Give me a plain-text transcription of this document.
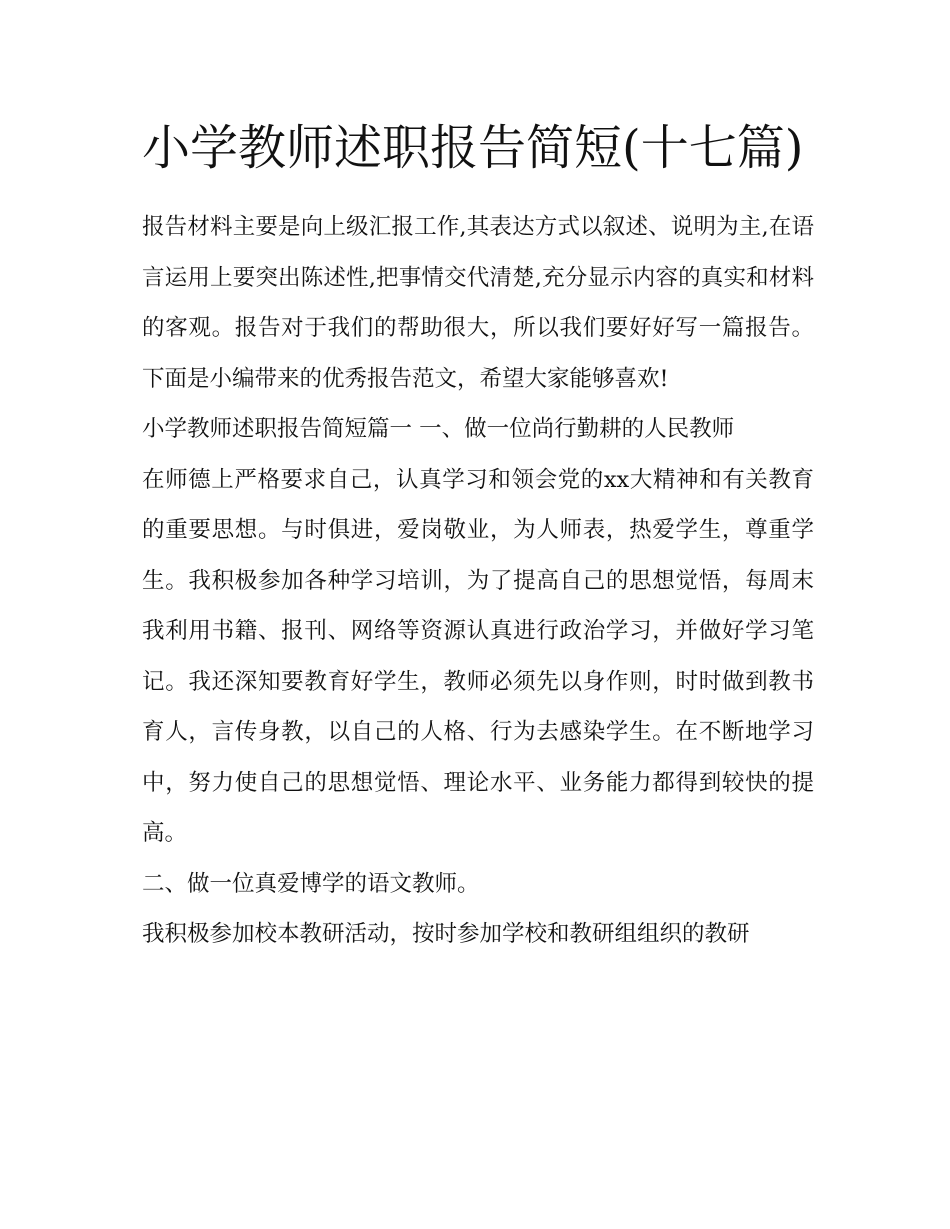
小学教师述职报告简短(十七篇)

报告材料主要是向上级汇报工作,其表达方式以叙述、说明为主,在语言运用上要突出陈述性,把事情交代清楚,充分显示内容的真实和材料的客观。报告对于我们的帮助很大，所以我们要好好写一篇报告。下面是小编带来的优秀报告范文，希望大家能够喜欢!

小学教师述职报告简短篇一 一、做一位尚行勤耕的人民教师

在师德上严格要求自己，认真学习和领会党的xx大精神和有关教育的重要思想。与时俱进，爱岗敬业，为人师表，热爱学生，尊重学生。我积极参加各种学习培训，为了提高自己的思想觉悟，每周末我利用书籍、报刊、网络等资源认真进行政治学习，并做好学习笔记。我还深知要教育好学生，教师必须先以身作则，时时做到教书育人，言传身教，以自己的人格、行为去感染学生。在不断地学习中，努力使自己的思想觉悟、理论水平、业务能力都得到较快的提高。

二、做一位真爱博学的语文教师。

我积极参加校本教研活动，按时参加学校和教研组组织的教研
